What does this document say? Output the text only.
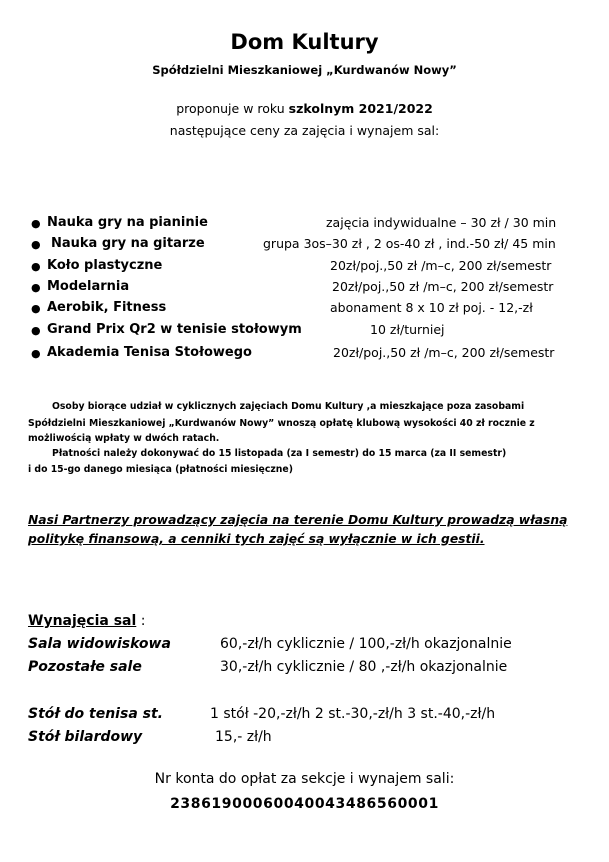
Dom Kultury
Spółdzielni Mieszkaniowej „Kurdwanów Nowy”
proponuje w roku szkolnym 2021/2022
następujące ceny za zajęcia i wynajem sal:
● Nauka gry na pianinie	zajęcia indywidualne – 30 zł / 30 min
● Nauka gry na gitarze	grupa 3os–30 zł , 2 os-40 zł , ind.-50 zł/ 45 min
● Koło plastyczne	20zł/poj.,50 zł /m–c, 200 zł/semestr
● Modelarnia	20zł/poj.,50 zł /m–c, 200 zł/semestr
● Aerobik, Fitness	abonament 8 x 10 zł poj. - 12,-zł
● Grand Prix Qr2 w tenisie stołowym	10 zł/turniej
● Akademia Tenisa Stołowego	20zł/poj.,50 zł /m–c, 200 zł/semestr
Osoby biorące udział w cyklicznych zajęciach Domu Kultury ,a mieszkające poza zasobami
Spółdzielni Mieszkaniowej „Kurdwanów Nowy” wnoszą opłatę klubową wysokości 40 zł rocznie z
możliwością wpłaty w dwóch ratach.
Płatności należy dokonywać do 15 listopada (za I semestr) do 15 marca (za II semestr)
i do 15-go danego miesiąca (płatności miesięczne)
Nasi Partnerzy prowadzący zajęcia na terenie Domu Kultury prowadzą własną
politykę finansową, a cenniki tych zajęć są wyłącznie w ich gestii.
Wynajęcia sal :
Sala widowiskowa	60,-zł/h cyklicznie / 100,-zł/h okazjonalnie
Pozostałe sale	30,-zł/h cyklicznie / 80 ,-zł/h okazjonalnie
Stół do tenisa st.	1 stół -20,-zł/h 2 st.-30,-zł/h 3 st.-40,-zł/h
Stół bilardowy	15,- zł/h
Nr konta do opłat za sekcje i wynajem sali:
23861900060040043486560001
